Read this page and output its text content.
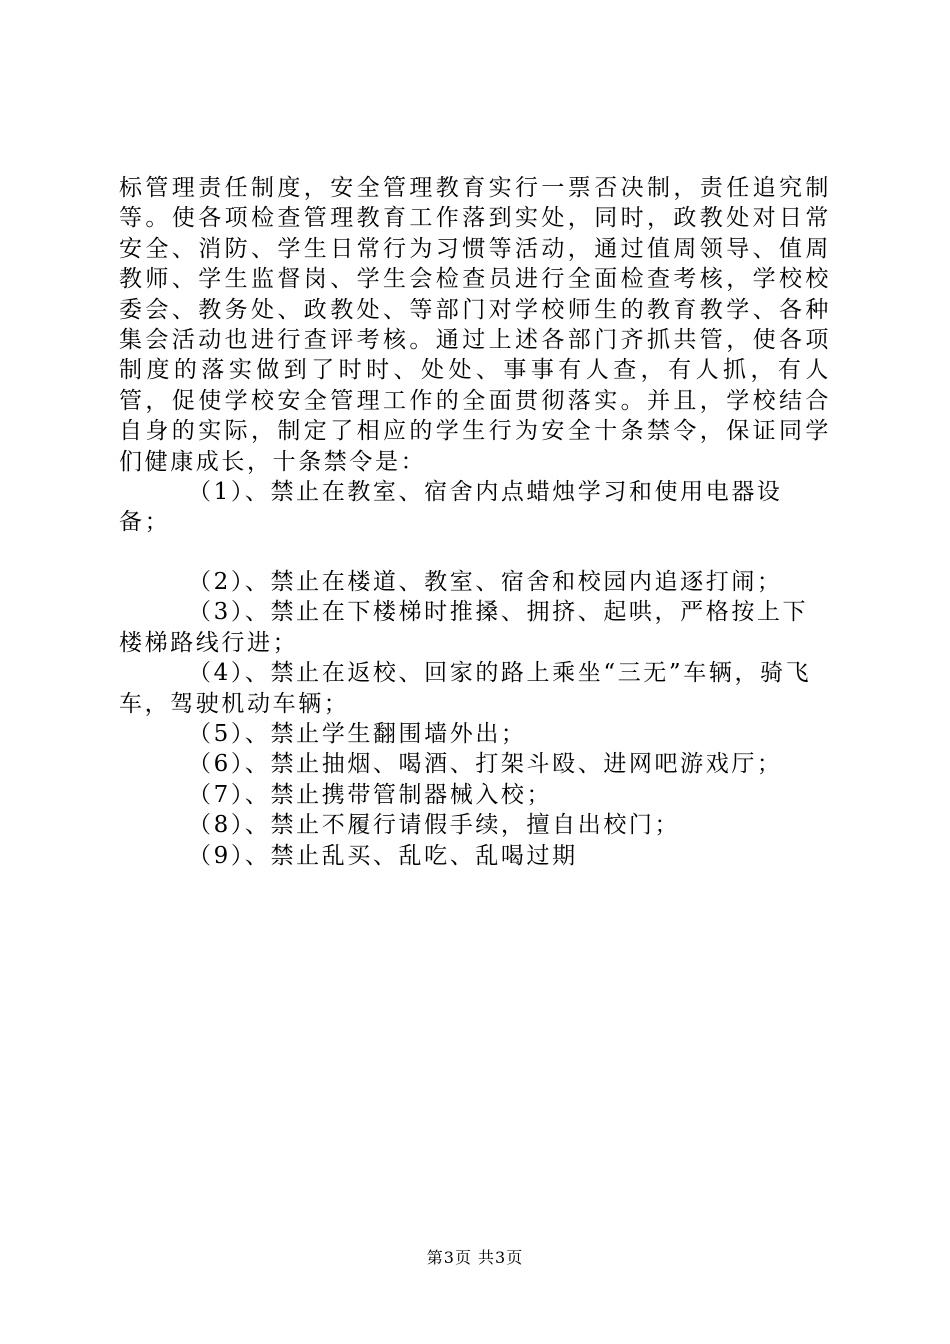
标管理责任制度，安全管理教育实行一票否决制，责任追究制等。使各项检查管理教育工作落到实处，同时，政教处对日常安全、消防、学生日常行为习惯等活动，通过值周领导、值周教师、学生监督岗、学生会检查员进行全面检查考核，学校校委会、教务处、政教处、等部门对学校师生的教育教学、各种集会活动也进行查评考核。通过上述各部门齐抓共管，使各项制度的落实做到了时时、处处、事事有人查，有人抓，有人管，促使学校安全管理工作的全面贯彻落实。并且，学校结合自身的实际，制定了相应的学生行为安全十条禁令，保证同学们健康成长，十条禁令是：

（1）、禁止在教室、宿舍内点蜡烛学习和使用电器设备；

（2）、禁止在楼道、教室、宿舍和校园内追逐打闹；

（3）、禁止在下楼梯时推搡、拥挤、起哄，严格按上下楼梯路线行进；

（4）、禁止在返校、回家的路上乘坐“三无”车辆，骑飞车，驾驶机动车辆；

（5）、禁止学生翻围墙外出；

（6）、禁止抽烟、喝酒、打架斗殴、进网吧游戏厅；

（7）、禁止携带管制器械入校；

（8）、禁止不履行请假手续，擅自出校门；

（9）、禁止乱买、乱吃、乱喝过期

第3页 共3页
